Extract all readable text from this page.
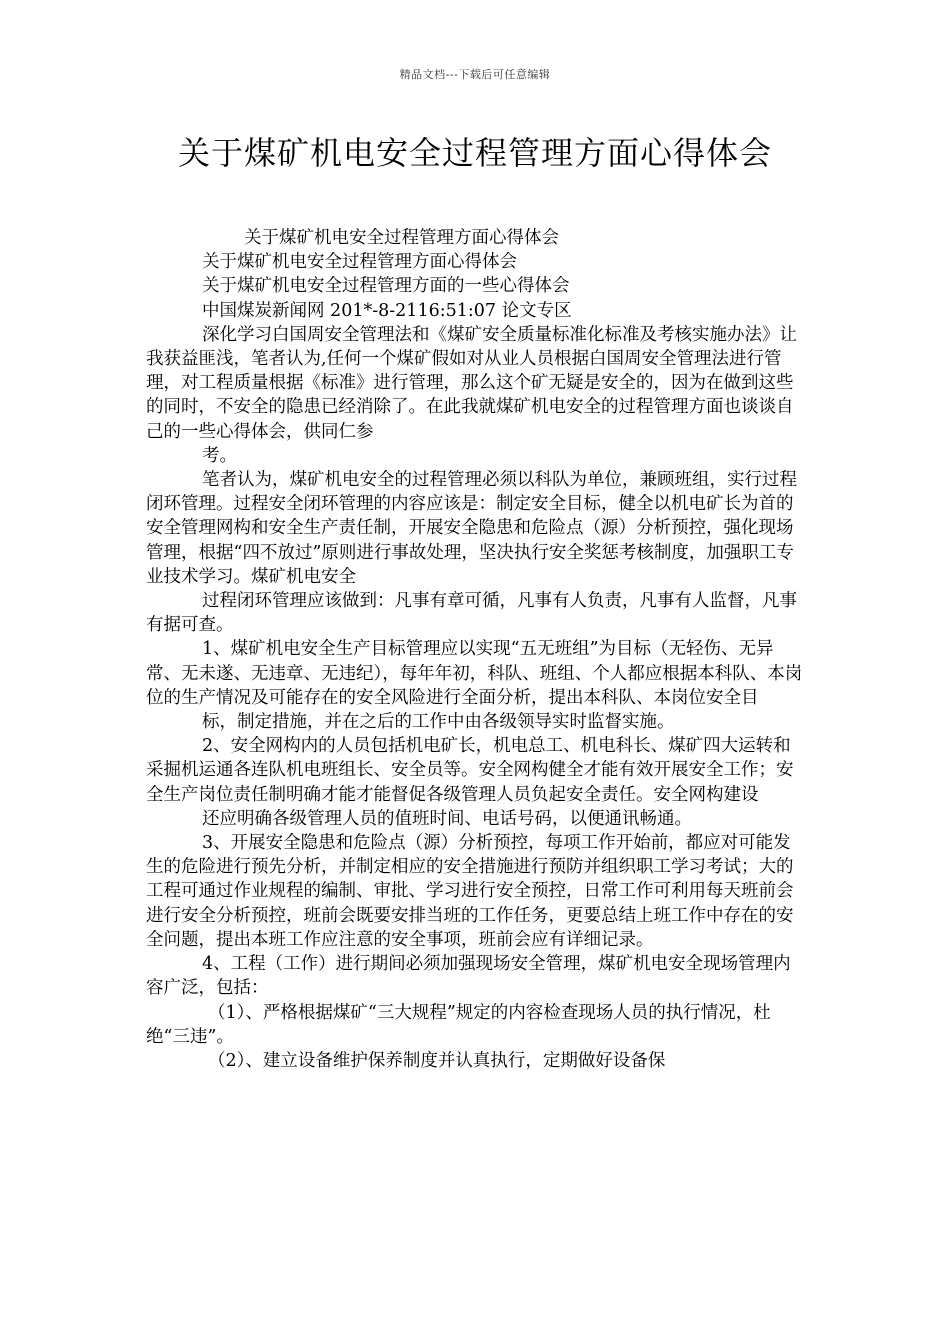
精品文档---下载后可任意编辑
关于煤矿机电安全过程管理方面心得体会

关于煤矿机电安全过程管理方面心得体会

关于煤矿机电安全过程管理方面心得体会

关于煤矿机电安全过程管理方面的一些心得体会

中国煤炭新闻网 201*-8-2116:51:07 论文专区

深化学习白国周安全管理法和《煤矿安全质量标准化标准及考核实施办法》让我获益匪浅，笔者认为,任何一个煤矿假如对从业人员根据白国周安全管理法进行管理，对工程质量根据《标准》进行管理，那么这个矿无疑是安全的，因为在做到这些的同时，不安全的隐患已经消除了。在此我就煤矿机电安全的过程管理方面也谈谈自己的一些心得体会，供同仁参

考。

笔者认为，煤矿机电安全的过程管理必须以科队为单位，兼顾班组，实行过程闭环管理。过程安全闭环管理的内容应该是：制定安全目标，健全以机电矿长为首的安全管理网构和安全生产责任制，开展安全隐患和危险点（源）分析预控，强化现场管理，根据“四不放过”原则进行事故处理，坚决执行安全奖惩考核制度，加强职工专业技术学习。煤矿机电安全

过程闭环管理应该做到：凡事有章可循，凡事有人负责，凡事有人监督，凡事有据可查。

1、煤矿机电安全生产目标管理应以实现“五无班组”为目标（无轻伤、无异常、无未遂、无违章、无违纪），每年年初，科队、班组、个人都应根据本科队、本岗位的生产情况及可能存在的安全风险进行全面分析，提出本科队、本岗位安全目

标，制定措施，并在之后的工作中由各级领导实时监督实施。

2、安全网构内的人员包括机电矿长，机电总工、机电科长、煤矿四大运转和采掘机运通各连队机电班组长、安全员等。安全网构健全才能有效开展安全工作；安全生产岗位责任制明确才能才能督促各级管理人员负起安全责任。安全网构建设

还应明确各级管理人员的值班时间、电话号码，以便通讯畅通。

3、开展安全隐患和危险点（源）分析预控，每项工作开始前，都应对可能发生的危险进行预先分析，并制定相应的安全措施进行预防并组织职工学习考试；大的工程可通过作业规程的编制、审批、学习进行安全预控，日常工作可利用每天班前会进行安全分析预控，班前会既要安排当班的工作任务，更要总结上班工作中存在的安全问题，提出本班工作应注意的安全事项，班前会应有详细记录。

4、工程（工作）进行期间必须加强现场安全管理，煤矿机电安全现场管理内容广泛，包括：

（1）、严格根据煤矿“三大规程”规定的内容检查现场人员的执行情况，杜绝“三违”。

（2）、建立设备维护保养制度并认真执行，定期做好设备保
